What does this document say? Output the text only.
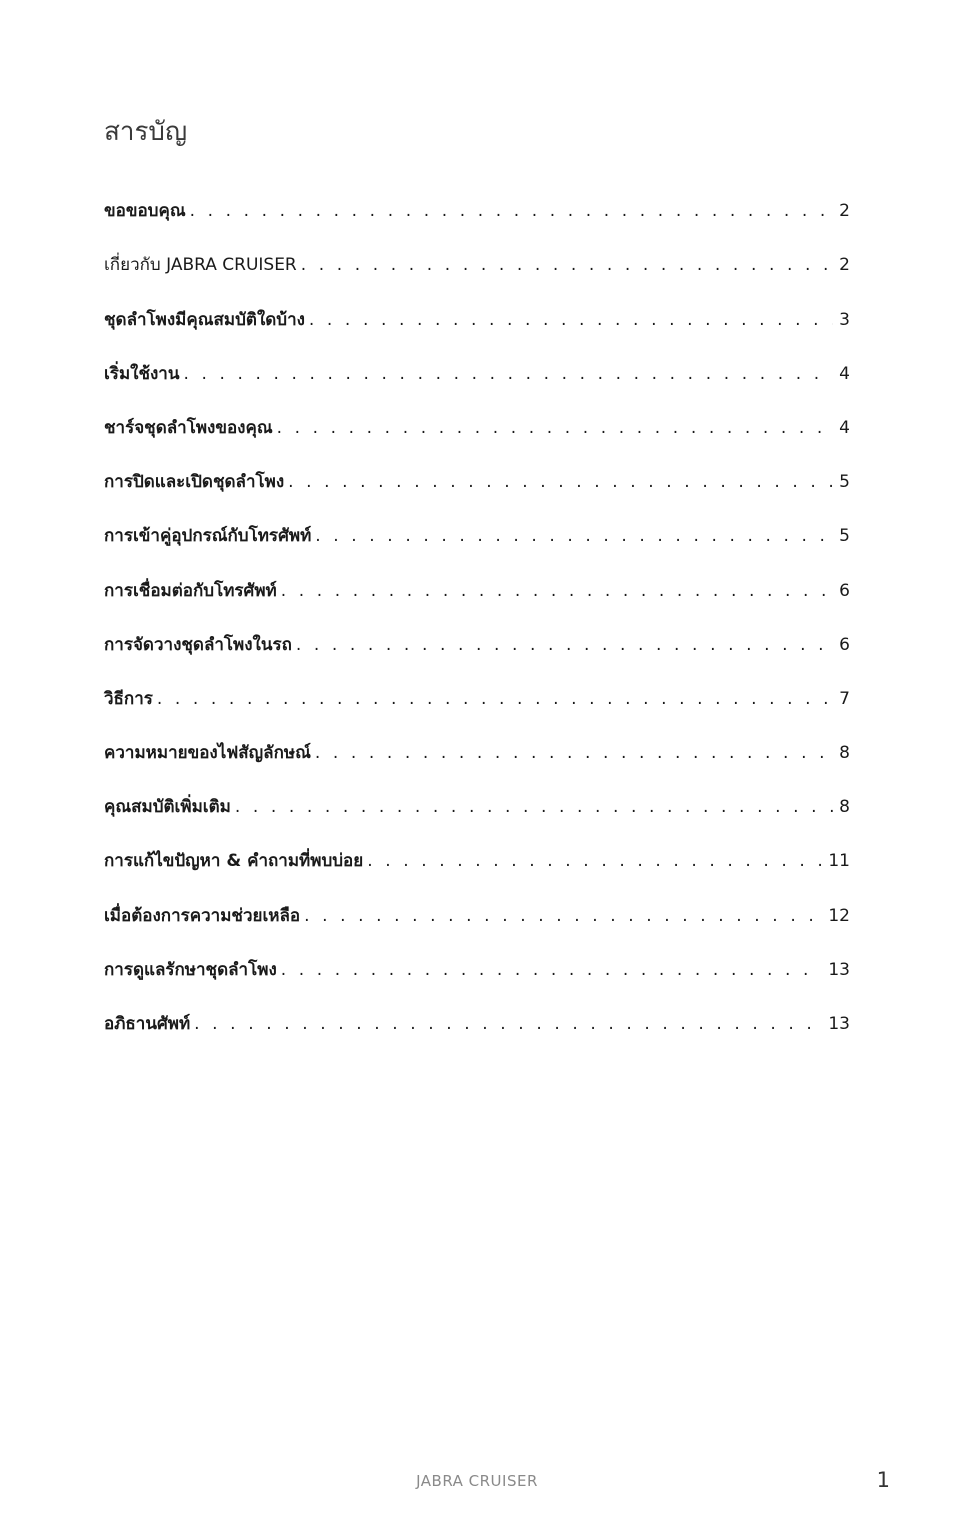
สารบัญ
ขอขอบคุณ . . .	2
เกี่ยวกับ JABRA CRUISER . . .	2
ชุดลำโพงมีคุณสมบัติใดบ้าง . . .	3
เริ่มใช้งาน . . .	4
ชาร์จชุดลำโพงของคุณ . . .	4
การปิดและเปิดชุดลำโพง . . .	5
การเข้าคู่อุปกรณ์กับโทรศัพท์ . . .	5
การเชื่อมต่อกับโทรศัพท์ . . .	6
การจัดวางชุดลำโพงในรถ . . .	6
วิธีการ . . .	7
ความหมายของไฟสัญลักษณ์ . . .	8
คุณสมบัติเพิ่มเติม . . .	8
การแก้ไขปัญหา & คำถามที่พบบ่อย . . .	11
เมื่อต้องการความช่วยเหลือ . . .	12
การดูแลรักษาชุดลำโพง . . .	13
อภิธานศัพท์ . . .	13
JABRA CRUISER	1
